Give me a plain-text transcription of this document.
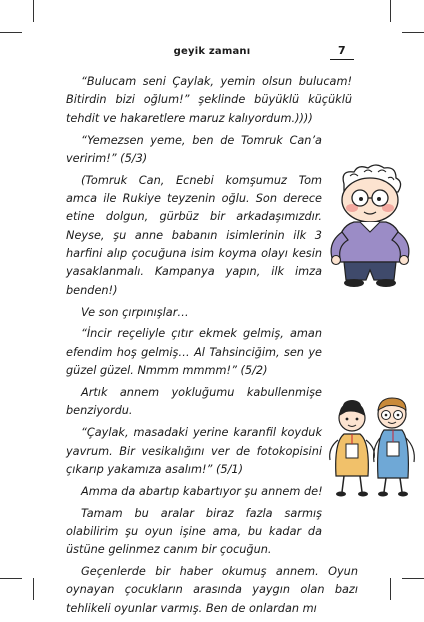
geyik zamanı	7

“Bulucam seni Çaylak, yemin olsun bulucam! Bitirdin bizi oğlum!” şeklinde büyüklü küçüklü tehdit ve hakaretlere maruz kalıyordum.))))

“Yemezsen yeme, ben de Tomruk Can’a veririm!” (5/3)

(Tomruk Can, Ecnebi komşumuz Tom amca ile Rukiye teyzenin oğlu. Son derece etine dolgun, gürbüz bir arkadaşımızdır. Neyse, şu anne babanın isimlerinin ilk 3 harfini alıp çocuğuna isim koyma olayı kesin yasaklanmalı. Kampanya yapın, ilk imza benden!)

Ve son çırpınışlar…

“İncir reçeliyle çıtır ekmek gelmiş, aman efendim hoş gelmiş… Al Tahsinciğim, sen ye güzel güzel. Nmmm mmmm!” (5/2)

Artık annem yokluğumu kabullenmişe benziyordu.

“Çaylak, masadaki yerine karanfil koyduk yavrum. Bir vesikalığını ver de fotokopisini çıkarıp yakamıza asalım!” (5/1)

Amma da abartıp kabartıyor şu annem de!

Tamam bu aralar biraz fazla sarmış olabilirim şu oyun işine ama, bu kadar da üstüne gelinmez canım bir çocuğun.

Geçenlerde bir haber okumuş annem. Oyun oynayan çocukların arasında yaygın olan bazı tehlikeli oyunlar varmış. Ben de onlardan mı
